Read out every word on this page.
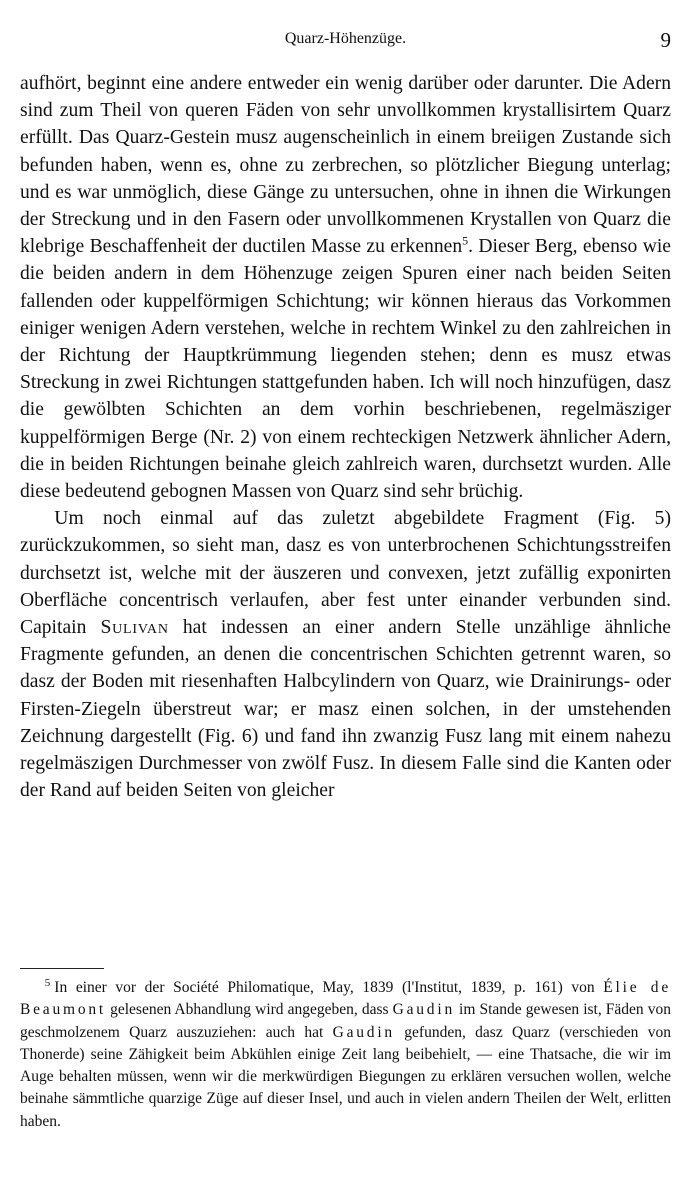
Quarz-Höhenzüge.	9

aufhört, beginnt eine andere entweder ein wenig darüber oder darunter. Die Adern sind zum Theil von queren Fäden von sehr unvollkommen krystallisirtem Quarz erfüllt. Das Quarz-Gestein musz augenscheinlich in einem breiigen Zustande sich befunden haben, wenn es, ohne zu zerbrechen, so plötzlicher Biegung unterlag; und es war unmöglich, diese Gänge zu untersuchen, ohne in ihnen die Wirkungen der Streckung und in den Fasern oder unvollkommenen Krystallen von Quarz die klebrige Beschaffenheit der ductilen Masse zu erkennen$^5$. Dieser Berg, ebenso wie die beiden andern in dem Höhenzuge zeigen Spuren einer nach beiden Seiten fallenden oder kuppelförmigen Schichtung; wir können hieraus das Vorkommen einiger wenigen Adern verstehen, welche in rechtem Winkel zu den zahlreichen in der Richtung der Hauptkrümmung liegenden stehen; denn es musz etwas Streckung in zwei Richtungen stattgefunden haben. Ich will noch hinzufügen, dasz die gewölbten Schichten an dem vorhin beschriebenen, regelmäsziger kuppelförmigen Berge (Nr. 2) von einem rechteckigen Netzwerk ähnlicher Adern, die in beiden Richtungen beinahe gleich zahlreich waren, durchsetzt wurden. Alle diese bedeutend gebognen Massen von Quarz sind sehr brüchig.

Um noch einmal auf das zuletzt abgebildete Fragment (Fig. 5) zurückzukommen, so sieht man, dasz es von unterbrochenen Schichtungsstreifen durchsetzt ist, welche mit der äuszeren und convexen, jetzt zufällig exponirten Oberfläche concentrisch verlaufen, aber fest unter einander verbunden sind. Capitain Sulivan hat indessen an einer andern Stelle unzählige ähnliche Fragmente gefunden, an denen die concentrischen Schichten getrennt waren, so dasz der Boden mit riesenhaften Halbcylindern von Quarz, wie Drainirungs- oder Firsten-Ziegeln überstreut war; er masz einen solchen, in der umstehenden Zeichnung dargestellt (Fig. 6) und fand ihn zwanzig Fusz lang mit einem nahezu regelmäszigen Durchmesser von zwölf Fusz. In diesem Falle sind die Kanten oder der Rand auf beiden Seiten von gleicher

$^5$ In einer vor der Société Philomatique, May, 1839 (l'Institut, 1839, p. 161) von Élie de Beaumont gelesenen Abhandlung wird angegeben, dass Gaudin im Stande gewesen ist, Fäden von geschmolzenem Quarz auszuziehen: auch hat Gaudin gefunden, dasz Quarz (verschieden von Thonerde) seine Zähigkeit beim Abkühlen einige Zeit lang beibehielt, — eine Thatsache, die wir im Auge behalten müssen, wenn wir die merkwürdigen Biegungen zu erklären versuchen wollen, welche beinahe sämmtliche quarzige Züge auf dieser Insel, und auch in vielen andern Theilen der Welt, erlitten haben.
